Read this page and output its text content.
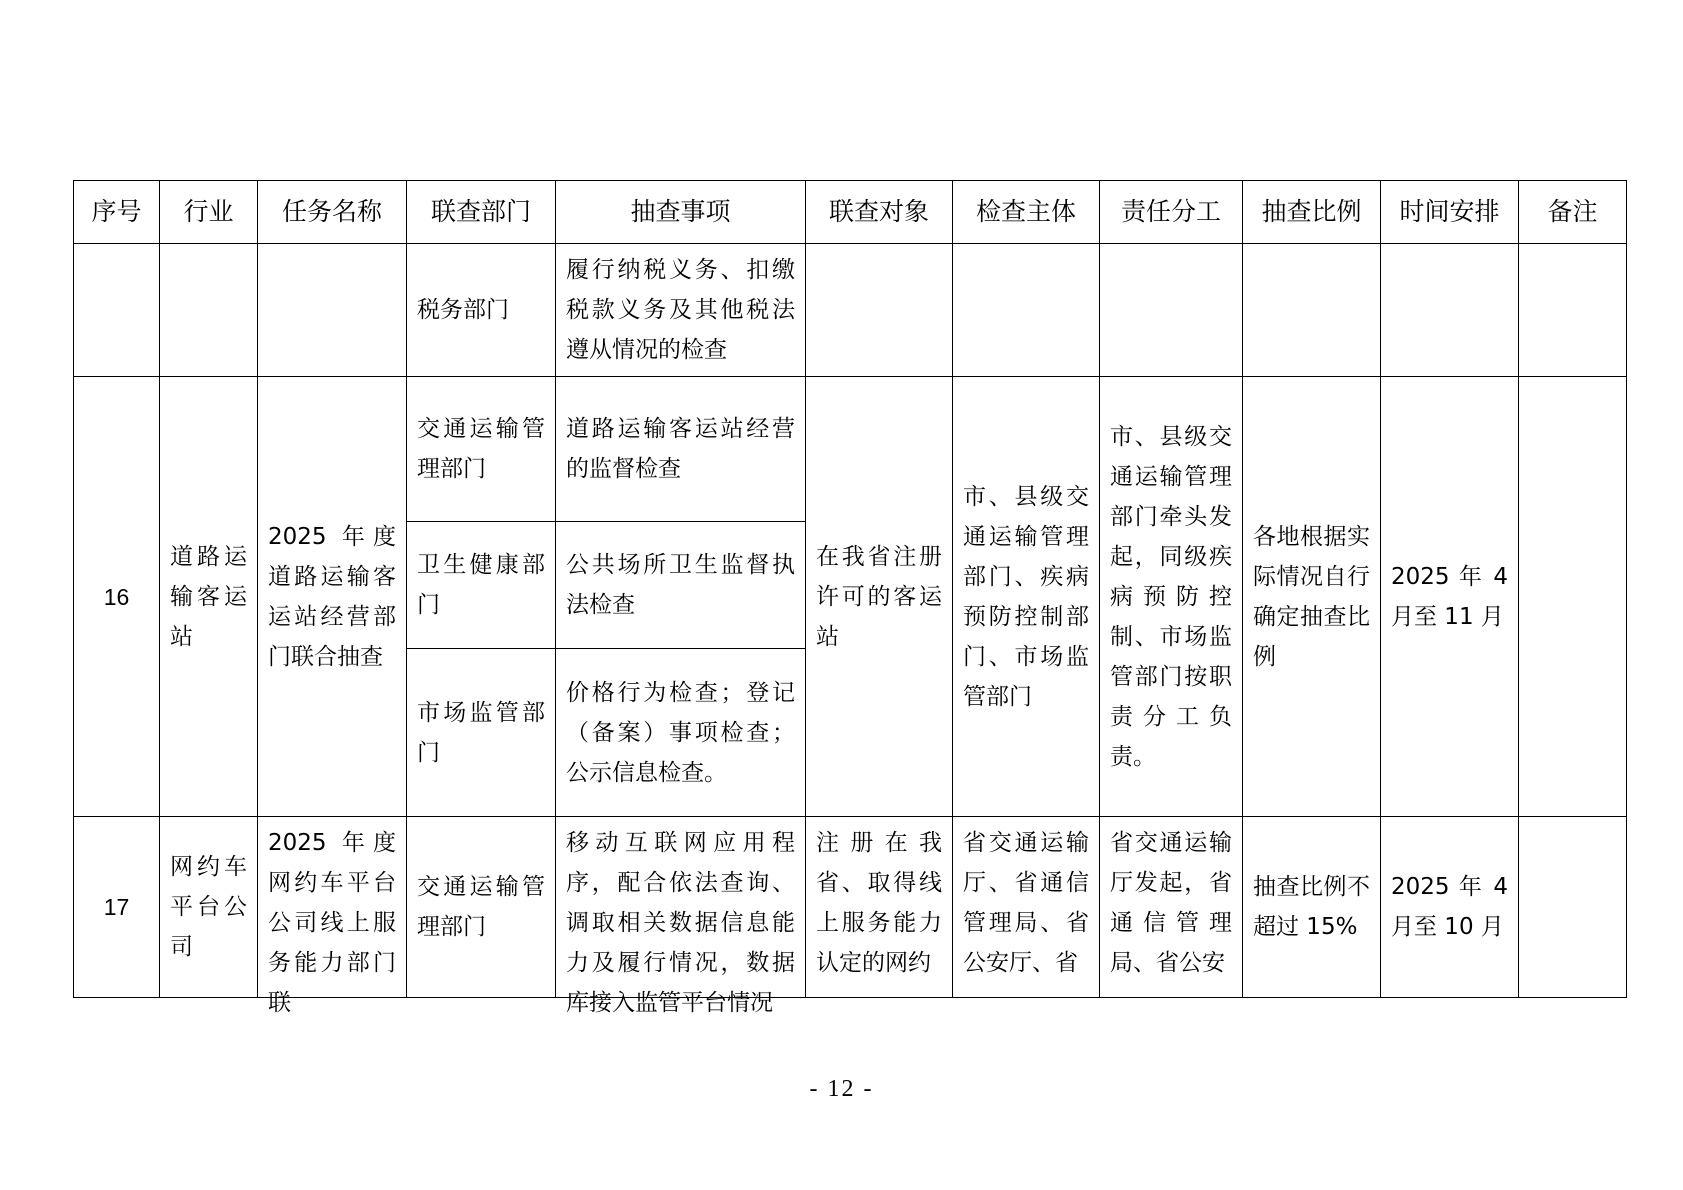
序号	行业	任务名称	联查部门	抽查事项	联查对象	检查主体	责任分工	抽查比例	时间安排	备注
			税务部门	履行纳税义务、扣缴税款义务及其他税法遵从情况的检查						
16	道路运输客运站	2025 年度道路运输客运站经营部门联合抽查	交通运输管理部门	道路运输客运站经营的监督检查	在我省注册许可的客运站	市、县级交通运输管理部门、疾病预防控制部门、市场监管部门	市、县级交通运输管理部门牵头发起，同级疾病预防控制、市场监管部门按职责分工负责。	各地根据实际情况自行确定抽查比例	2025 年 4 月至 11 月	
			卫生健康部门	公共场所卫生监督执法检查						
			市场监管部门	价格行为检查；登记（备案）事项检查；公示信息检查。						
17	网约车平台公司	2025 年度网约车平台公司线上服务能力部门联	交通运输管理部门	移动互联网应用程序，配合依法查询、调取相关数据信息能力及履行情况，数据库接入监管平台情况	注册在我省、取得线上服务能力认定的网约	省交通运输厅、省通信管理局、省公安厅、省	省交通运输厅发起，省通信管理局、省公安	抽查比例不超过 15%	2025 年 4 月至 10 月	
- 12 -
